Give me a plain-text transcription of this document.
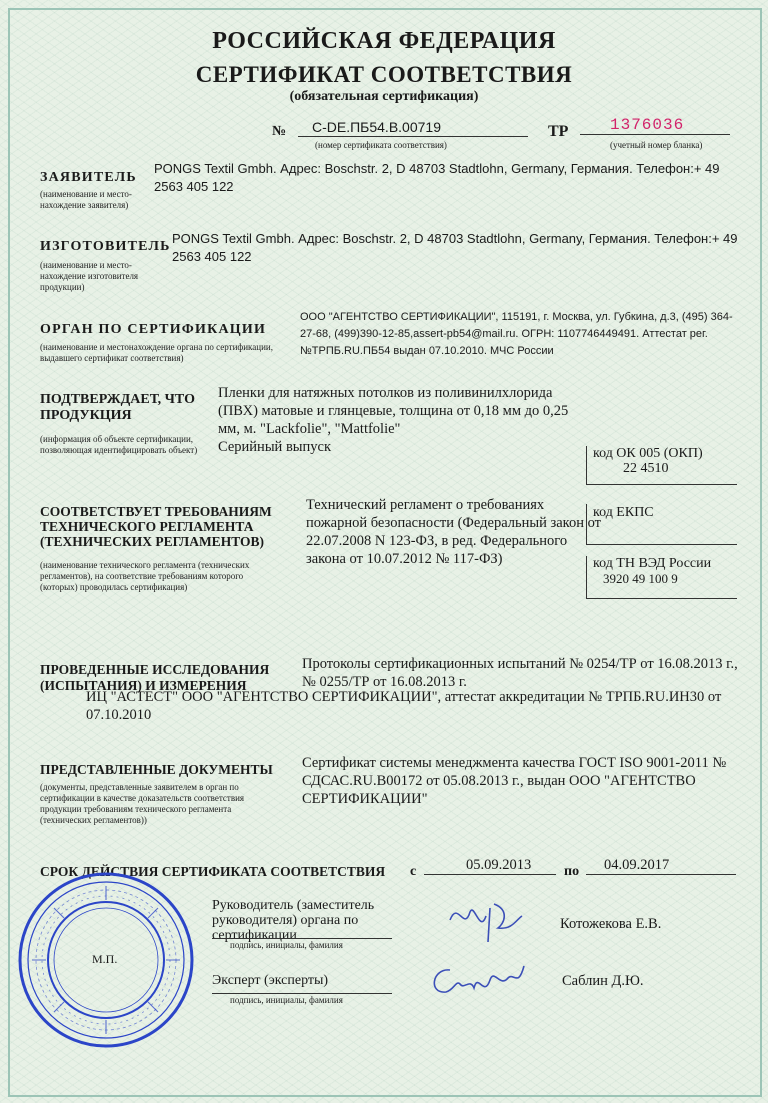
РОССИЙСКАЯ ФЕДЕРАЦИЯ
СЕРТИФИКАТ СООТВЕТСТВИЯ
(обязательная сертификация)
№	C-DE.ПБ54.В.00719
(номер сертификата соответствия)
ТР	1376036
(учетный номер бланка)
ЗАЯВИТЕЛЬ
(наименование и место-нахождение заявителя)
PONGS Textil Gmbh. Адрес: Boschstr. 2, D 48703 Stadtlohn, Germany, Германия. Телефон:+ 49 2563 405 122
ИЗГОТОВИТЕЛЬ
(наименование и место-нахождение изготовителя продукции)
PONGS Textil Gmbh. Адрес: Boschstr. 2, D 48703 Stadtlohn, Germany, Германия. Телефон:+ 49 2563 405 122
ОРГАН ПО СЕРТИФИКАЦИИ
(наименование и местонахождение органа по сертификации, выдавшего сертификат соответствия)
ООО "АГЕНТСТВО СЕРТИФИКАЦИИ", 115191, г. Москва, ул. Губкина, д.3, (495) 364-27-68, (499)390-12-85,assert-pb54@mail.ru. ОГРН: 1107746449491. Аттестат рег. №ТРПБ.RU.ПБ54 выдан 07.10.2010. МЧС России
ПОДТВЕРЖДАЕТ, ЧТО ПРОДУКЦИЯ
(информация об объекте сертификации, позволяющая идентифицировать объект)
Пленки для натяжных потолков из поливинилхлорида (ПВХ) матовые и глянцевые, толщина от 0,18 мм до 0,25 мм, м. "Lackfolie", "Mattfolie"
Серийный выпуск	код ОК 005 (ОКП)
22 4510
СООТВЕТСТВУЕТ ТРЕБОВАНИЯМ ТЕХНИЧЕСКОГО РЕГЛАМЕНТА (ТЕХНИЧЕСКИХ РЕГЛАМЕНТОВ)
(наименование технического регламента (технических регламентов), на соответствие требованиям которого (которых) проводилась сертификация)
Технический регламент о требованиях пожарной безопасности (Федеральный закон от 22.07.2008 N 123-ФЗ, в ред. Федерального закона от 10.07.2012 № 117-ФЗ)
код ЕКПС
код ТН ВЭД России
3920 49 100 9
ПРОВЕДЕННЫЕ ИССЛЕДОВАНИЯ (ИСПЫТАНИЯ) И ИЗМЕРЕНИЯ
Протоколы сертификационных испытаний № 0254/ТР от 16.08.2013 г., № 0255/ТР от 16.08.2013 г.
ИЦ "АСТЕСТ" ООО "АГЕНТСТВО СЕРТИФИКАЦИИ", аттестат аккредитации № ТРПБ.RU.ИН30 от 07.10.2010
ПРЕДСТАВЛЕННЫЕ ДОКУМЕНТЫ
(документы, представленные заявителем в орган по сертификации в качестве доказательств соответствия продукции требованиям технического регламента (технических регламентов))
Сертификат системы менеджмента качества ГОСТ ISO 9001-2011 № СДСАС.RU.B00172 от 05.08.2013 г., выдан ООО "АГЕНТСТВО СЕРТИФИКАЦИИ"
СРОК ДЕЙСТВИЯ СЕРТИФИКАТА СООТВЕТСТВИЯ с	05.09.2013	по	04.09.2017
Руководитель (заместитель руководителя) органа по сертификации
подпись, инициалы, фамилия
Котожекова Е.В.
Эксперт (эксперты)
подпись, инициалы, фамилия
Саблин Д.Ю.
М.П.
